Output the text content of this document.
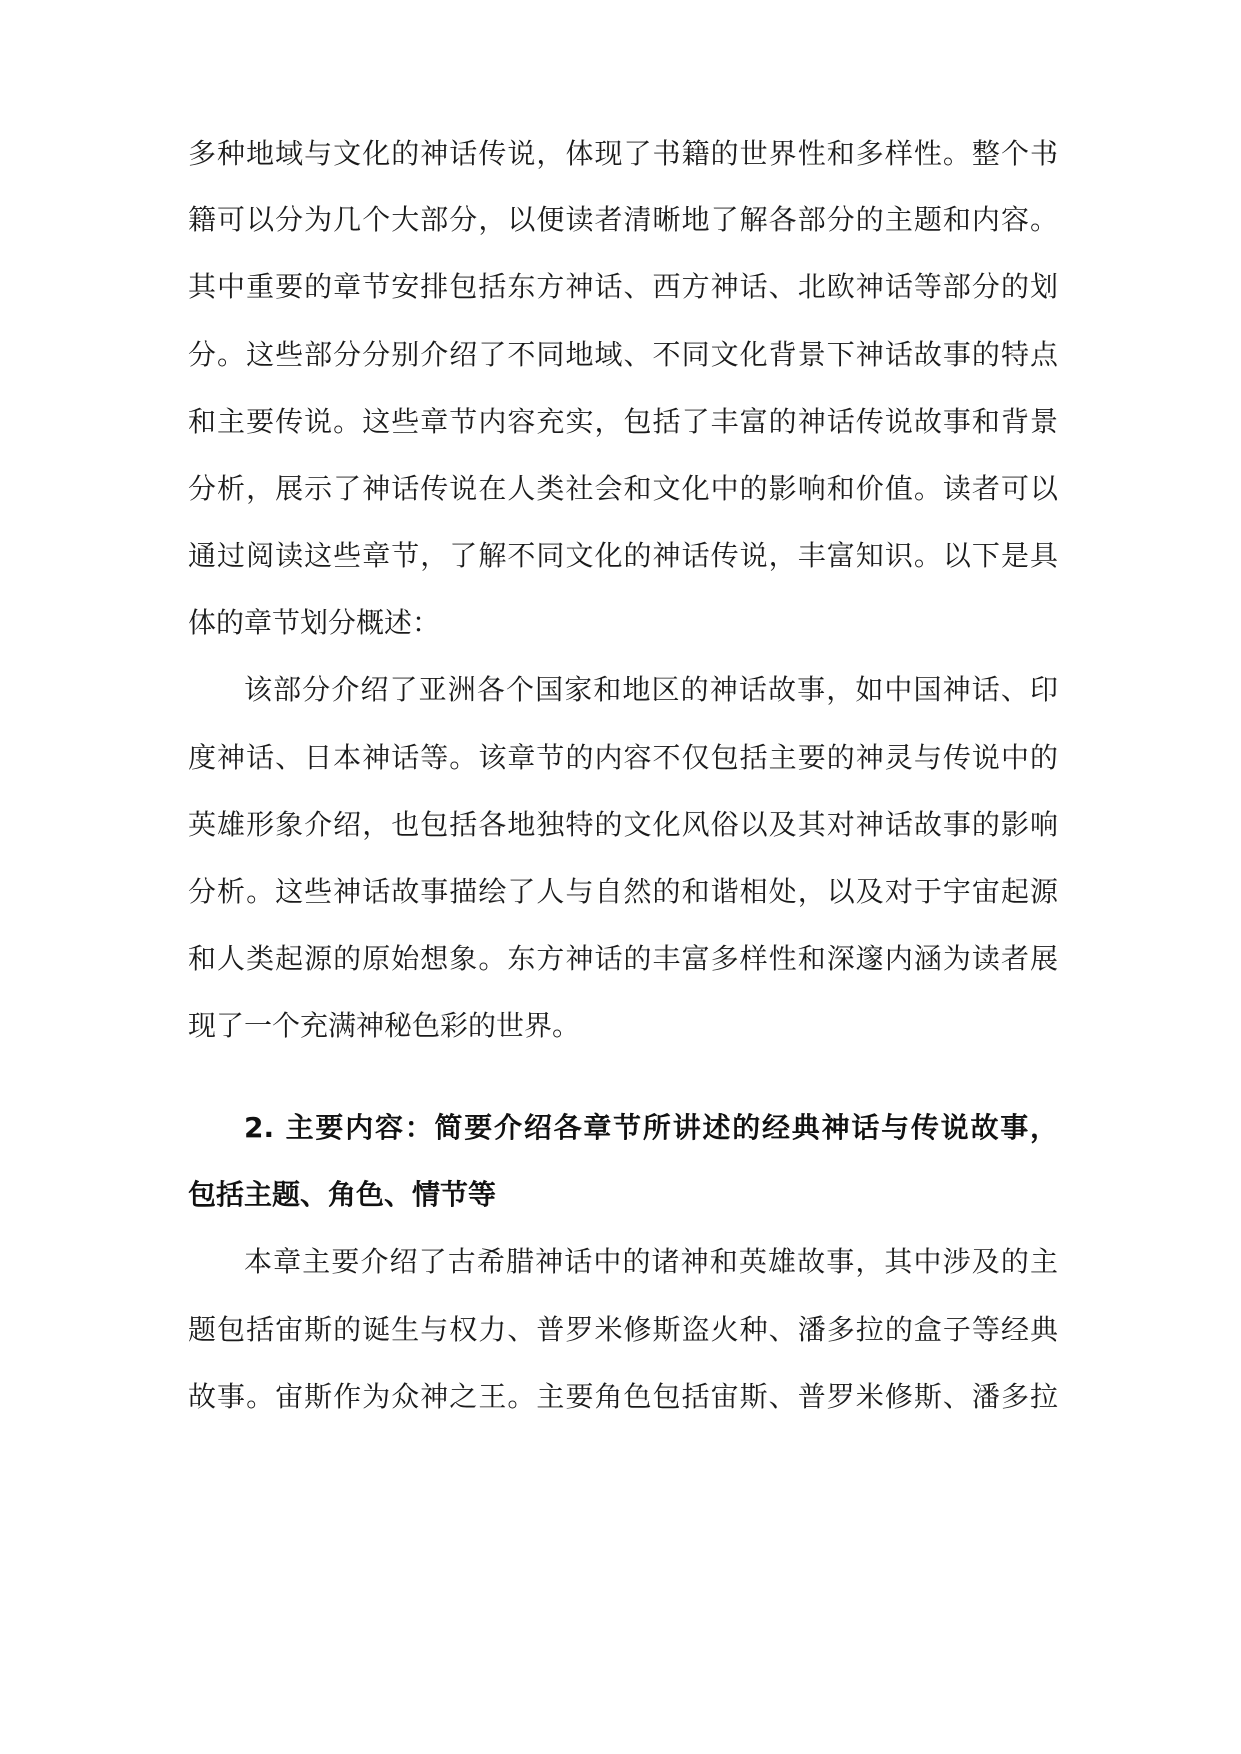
多种地域与文化的神话传说，体现了书籍的世界性和多样性。整个书
籍可以分为几个大部分，以便读者清晰地了解各部分的主题和内容。
其中重要的章节安排包括东方神话、西方神话、北欧神话等部分的划
分。这些部分分别介绍了不同地域、不同文化背景下神话故事的特点
和主要传说。这些章节内容充实，包括了丰富的神话传说故事和背景
分析，展示了神话传说在人类社会和文化中的影响和价值。读者可以
通过阅读这些章节，了解不同文化的神话传说，丰富知识。以下是具
体的章节划分概述：
该部分介绍了亚洲各个国家和地区的神话故事，如中国神话、印
度神话、日本神话等。该章节的内容不仅包括主要的神灵与传说中的
英雄形象介绍，也包括各地独特的文化风俗以及其对神话故事的影响
分析。这些神话故事描绘了人与自然的和谐相处，以及对于宇宙起源
和人类起源的原始想象。东方神话的丰富多样性和深邃内涵为读者展
现了一个充满神秘色彩的世界。
2. 主要内容：简要介绍各章节所讲述的经典神话与传说故事，
包括主题、角色、情节等
本章主要介绍了古希腊神话中的诸神和英雄故事，其中涉及的主
题包括宙斯的诞生与权力、普罗米修斯盗火种、潘多拉的盒子等经典
故事。宙斯作为众神之王。主要角色包括宙斯、普罗米修斯、潘多拉
